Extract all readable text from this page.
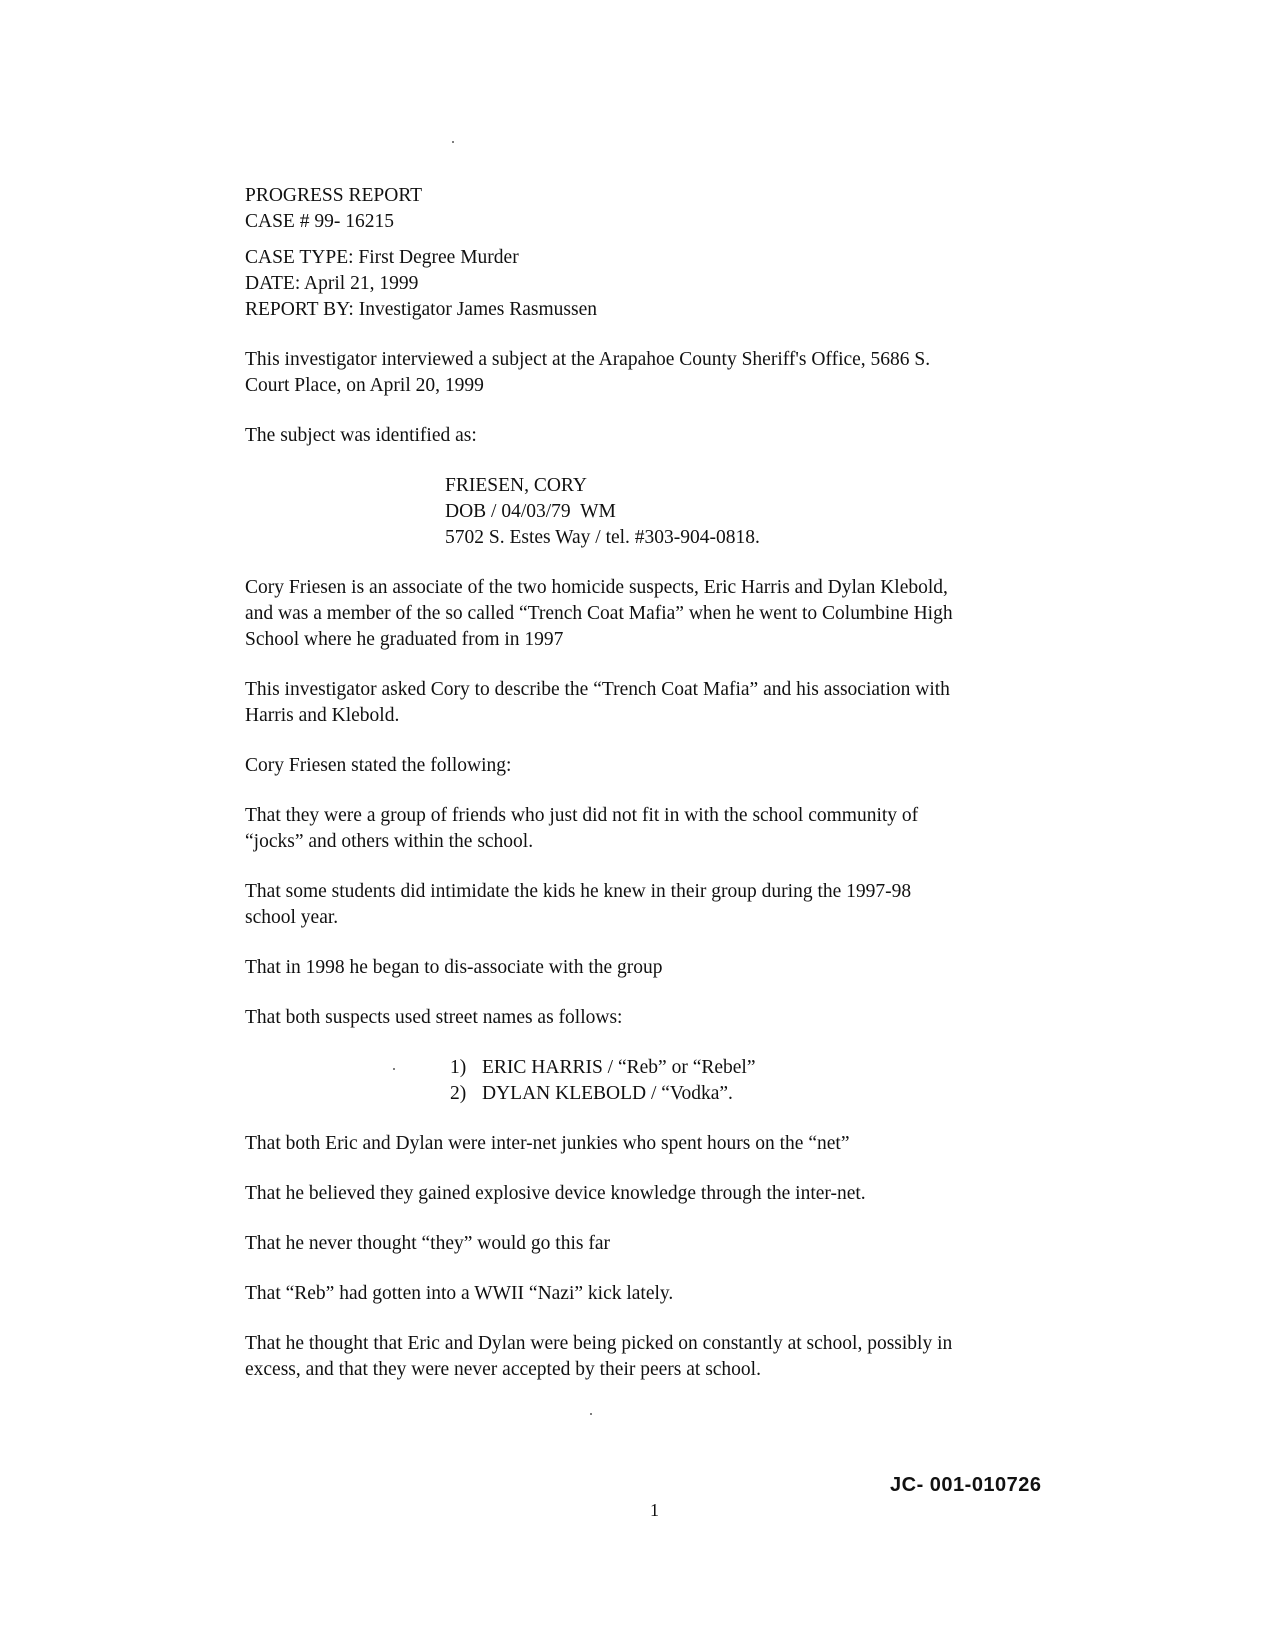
PROGRESS REPORT
CASE # 99- 16215
CASE TYPE: First Degree Murder
DATE: April 21, 1999
REPORT BY: Investigator James Rasmussen
This investigator interviewed a subject at the Arapahoe County Sheriff's Office, 5686 S.
Court Place, on April 20, 1999
The subject was identified as:
FRIESEN, CORY
DOB / 04/03/79  WM
5702 S. Estes Way / tel. #303-904-0818.
Cory Friesen is an associate of the two homicide suspects, Eric Harris and Dylan Klebold,
and was a member of the so called “Trench Coat Mafia” when he went to Columbine High
School where he graduated from in 1997
This investigator asked Cory to describe the “Trench Coat Mafia” and his association with
Harris and Klebold.
Cory Friesen stated the following:
That they were a group of friends who just did not fit in with the school community of
“jocks” and others within the school.
That some students did intimidate the kids he knew in their group during the 1997-98
school year.
That in 1998 he began to dis-associate with the group
That both suspects used street names as follows:
1) ERIC HARRIS / “Reb” or “Rebel”
2) DYLAN KLEBOLD / “Vodka”.
That both Eric and Dylan were inter-net junkies who spent hours on the “net”
That he believed they gained explosive device knowledge through the inter-net.
That he never thought “they” would go this far
That “Reb” had gotten into a WWII “Nazi” kick lately.
That he thought that Eric and Dylan were being picked on constantly at school, possibly in
excess, and that they were never accepted by their peers at school.
JC- 001-010726
1
